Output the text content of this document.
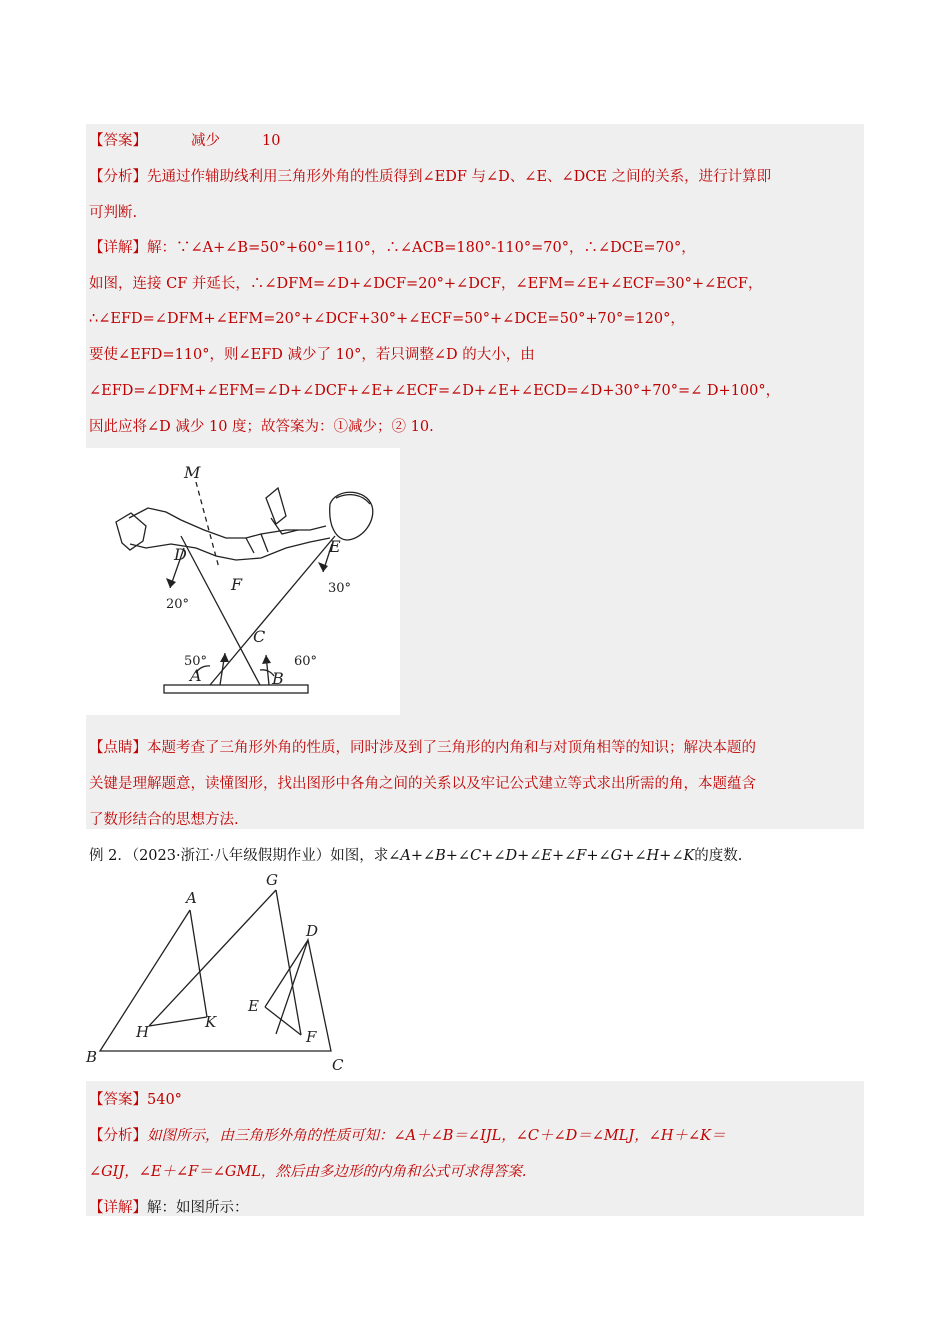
【答案】	减少	10
【分析】先通过作辅助线利用三角形外角的性质得到∠EDF 与∠D、∠E、∠DCE 之间的关系，进行计算即
可判断.
【详解】解：∵∠A+∠B=50°+60°=110°，∴∠ACB=180°-110°=70°，∴∠DCE=70°，
如图，连接 CF 并延长，∴∠DFM=∠D+∠DCF=20°+∠DCF，∠EFM=∠E+∠ECF=30°+∠ECF，
∴∠EFD=∠DFM+∠EFM=20°+∠DCF+30°+∠ECF=50°+∠DCE=50°+70°=120°，
要使∠EFD=110°，则∠EFD 减少了 10°，若只调整∠D 的大小，由
∠EFD=∠DFM+∠EFM=∠D+∠DCF+∠E+∠ECF=∠D+∠E+∠ECD=∠D+30°+70°=∠ D+100°，
因此应将∠D 减少 10 度；故答案为：①减少；② 10.
M
D	E
F
C
A	B
20°
30°
50°	60°
【点睛】本题考查了三角形外角的性质，同时涉及到了三角形的内角和与对顶角相等的知识；解决本题的
关键是理解题意，读懂图形，找出图形中各角之间的关系以及牢记公式建立等式求出所需的角，本题蕴含
了数形结合的思想方法.
例 2．（2023·浙江·八年级假期作业）如图，求∠A+∠B+∠C+∠D+∠E+∠F+∠G+∠H+∠K的度数.
A
G
D
E
K
H	F
B	C
【答案】540°
【分析】如图所示，由三角形外角的性质可知：∠A＋∠B＝∠IJL，∠C＋∠D＝∠MLJ，∠H＋∠K＝
∠GIJ，∠E＋∠F＝∠GML，然后由多边形的内角和公式可求得答案.
【详解】解：如图所示：
